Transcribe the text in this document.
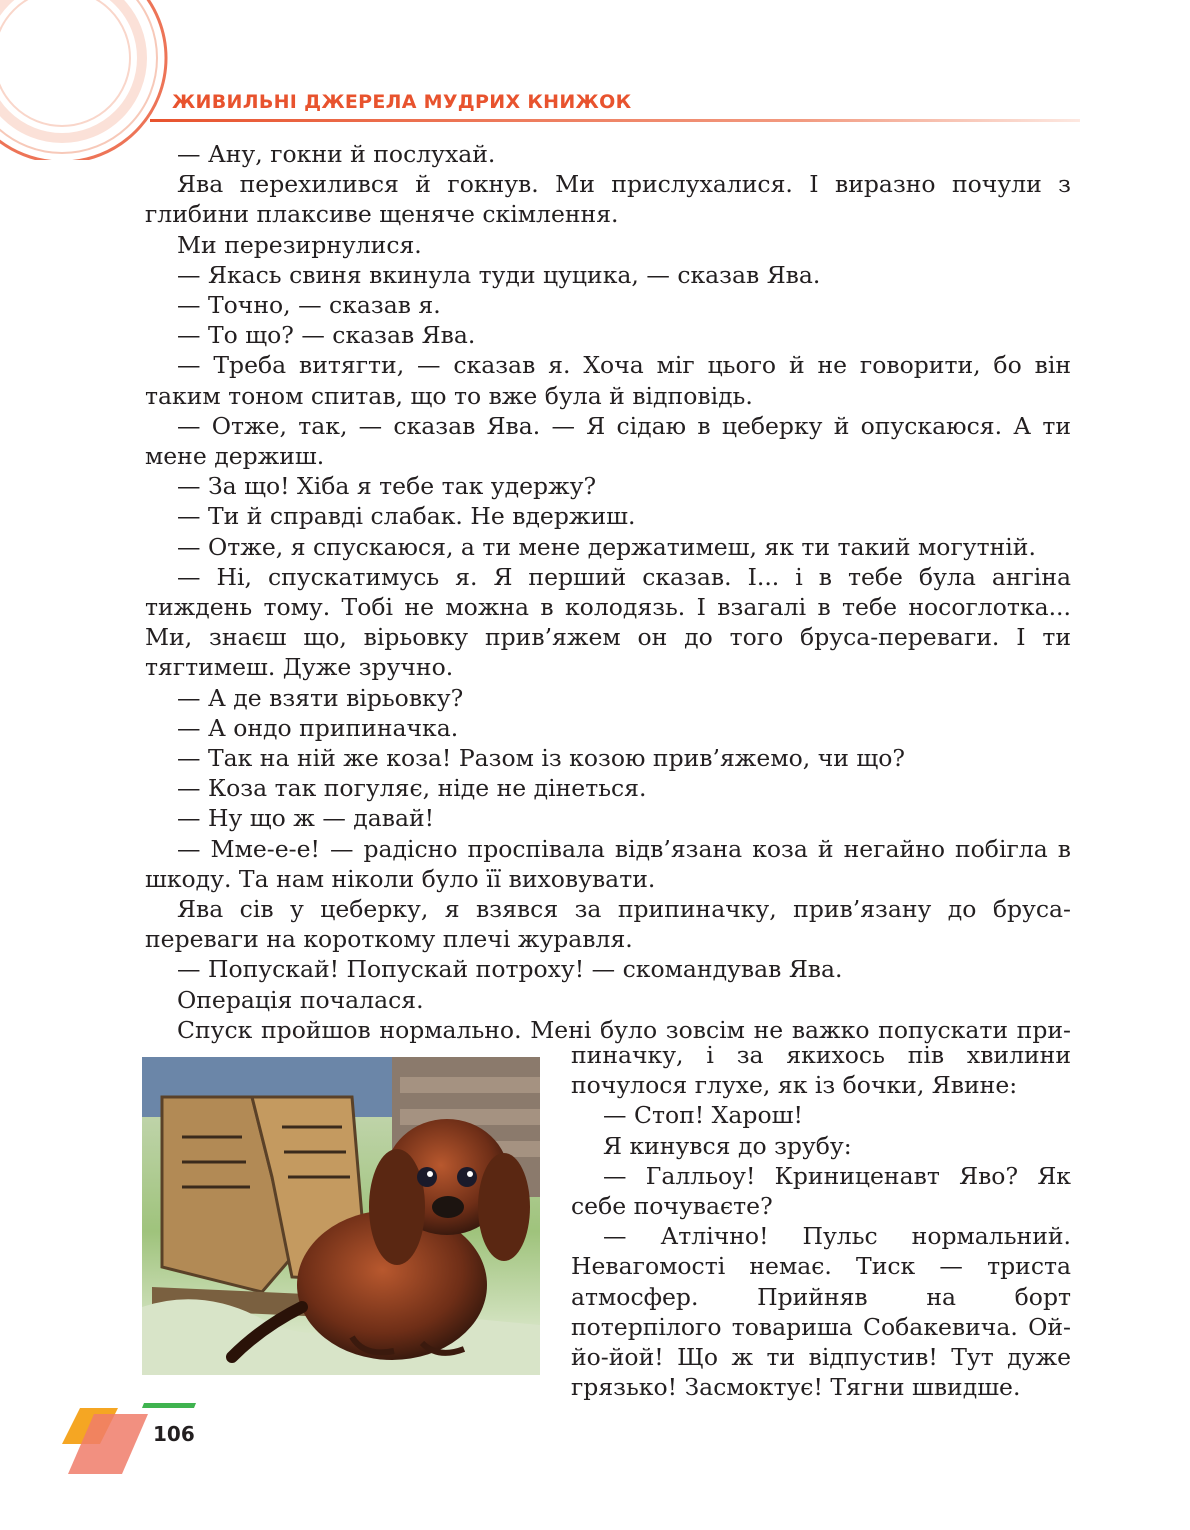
ЖИВИЛЬНІ ДЖЕРЕЛА МУДРИХ КНИЖОК

— Ану, гокни й послухай.

Ява перехилився й гокнув. Ми прислухалися. І виразно почули з глибини плаксиве щеняче скімлення.

Ми перезирнулися.

— Якась свиня вкинула туди цуцика, — сказав Ява.

— Точно, — сказав я.

— То що? — сказав Ява.

— Треба витягти, — сказав я. Хоча міг цього й не говорити, бо він таким тоном спитав, що то вже була й відповідь.

— Отже, так, — сказав Ява. — Я сідаю в цеберку й опускаюся. А ти мене держиш.

— За що! Хіба я тебе так удержу?

— Ти й справді слабак. Не вдержиш.

— Отже, я спускаюся, а ти мене держатимеш, як ти такий могутній.

— Ні, спускатимусь я. Я перший сказав. І... і в тебе була ангіна тиждень тому. Тобі не можна в колодязь. І взагалі в тебе носоглотка... Ми, знаєш що, вірьовку прив’яжем он до того бруса-переваги. І ти тягтимеш. Дуже зручно.

— А де взяти вірьовку?

— А ондо припиначка.

— Так на ній же коза! Разом із козою прив’яжемо, чи що?

— Коза так погуляє, ніде не дінеться.

— Ну що ж — давай!

— Мме-е-е! — радісно проспівала відв’язана коза й негайно побігла в шкоду. Та нам ніколи було її виховувати.

Ява сів у цеберку, я взявся за припиначку, прив’язану до бруса-переваги на короткому плечі журавля.

— Попускай! Попускай потроху! — скомандував Ява.

Операція почалася.

Спуск пройшов нормально. Мені було зовсім не важко попускати при-

пиначку, і за якихось пів хвилини почулося глухе, як із бочки, Явине:

— Стоп! Харош!

Я кинувся до зрубу:

— Галльоу! Криниценавт Яво? Як себе почуваєте?

— Атлічно! Пульс нормальний. Невагомості немає. Тиск — триста атмосфер. Прийняв на борт потерпілого товариша Собакевича. Ой-йо-йой! Що ж ти відпустив! Тут дуже грязько! Засмоктує! Тягни швидше.

106
